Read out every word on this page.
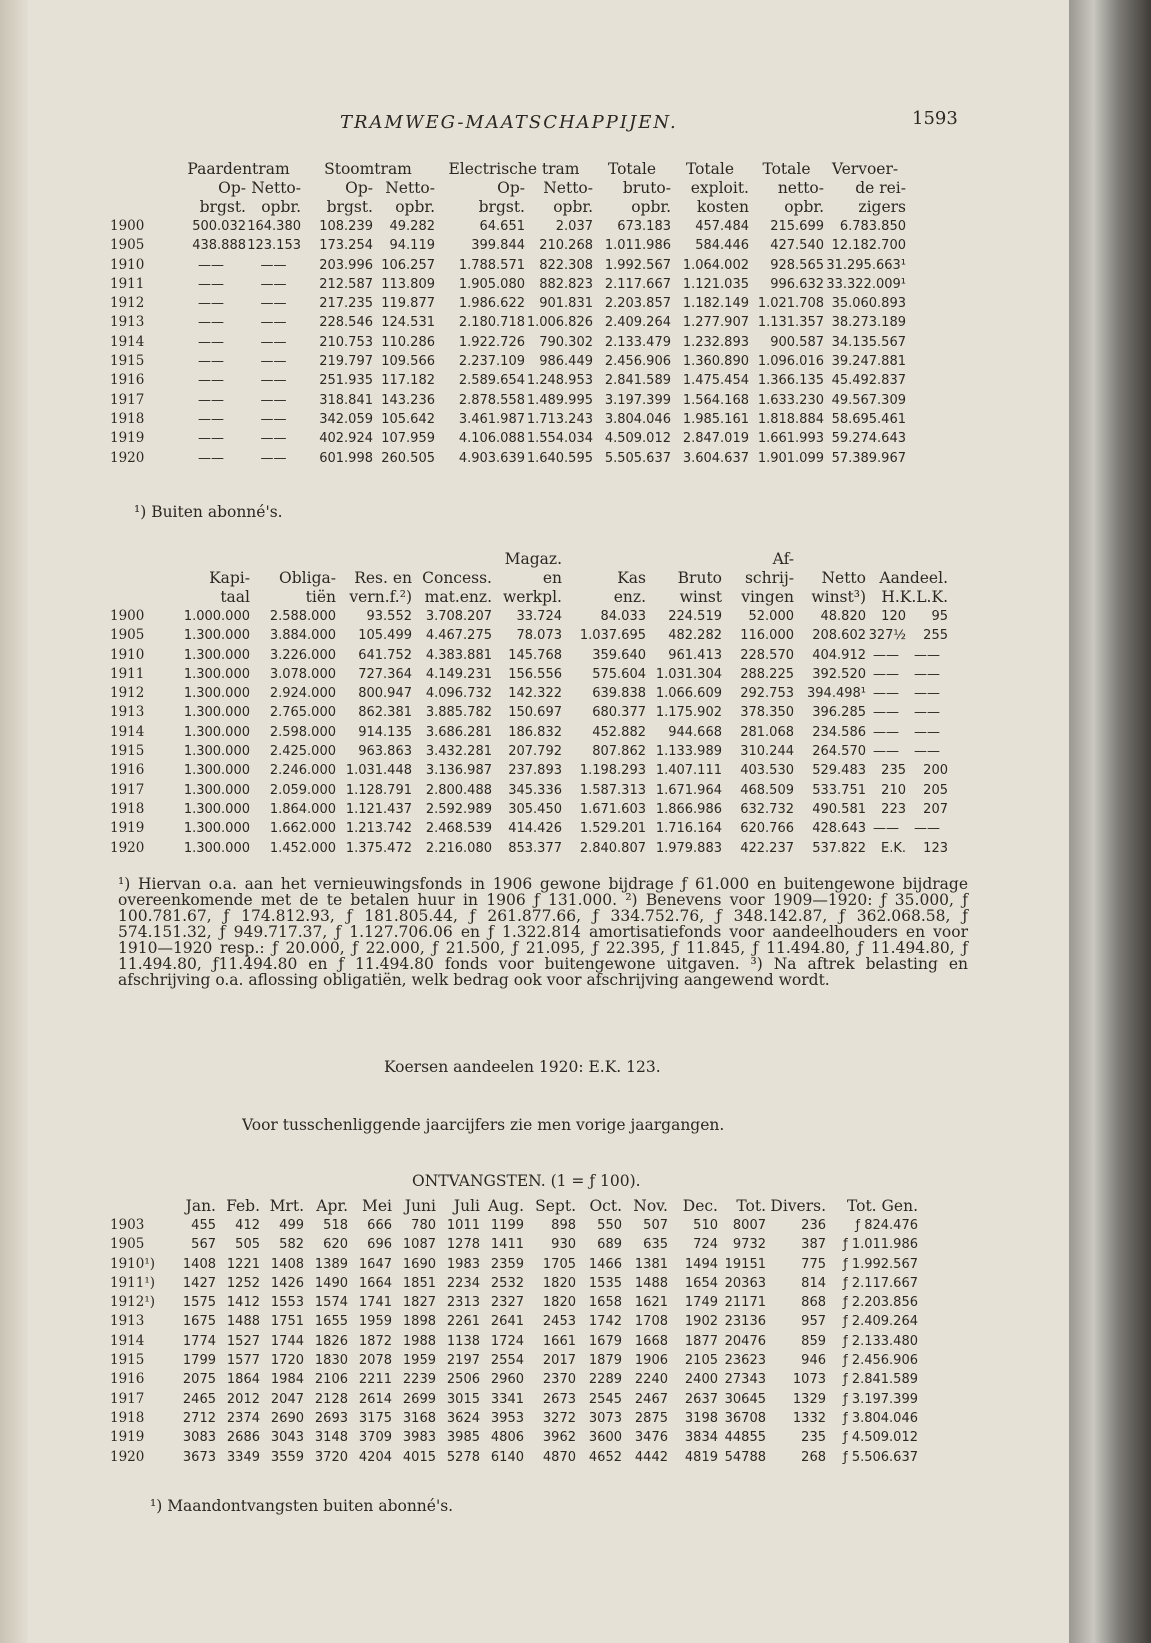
TRAMWEG-MAATSCHAPPIJEN.	1593
	Paardentram		Stoomtram		Electrische tram		Totale	Totale	Totale	Vervoer-
	Op-	Netto-	Op-	Netto-	Op-	Netto-	bruto-	exploit.	netto-	de rei-
	brgst.	opbr.	brgst.	opbr.	brgst.	opbr.	opbr.	kosten	opbr.	zigers
1900	500.032	164.380	108.239	49.282	64.651	2.037	673.183	457.484	215.699	6.783.850
1905	438.888	123.153	173.254	94.119	399.844	210.268	1.011.986	584.446	427.540	12.182.700
1910	——	——	203.996	106.257	1.788.571	822.308	1.992.567	1.064.002	928.565	31.295.663¹
1911	——	——	212.587	113.809	1.905.080	882.823	2.117.667	1.121.035	996.632	33.322.009¹
1912	——	——	217.235	119.877	1.986.622	901.831	2.203.857	1.182.149	1.021.708	35.060.893
1913	——	——	228.546	124.531	2.180.718	1.006.826	2.409.264	1.277.907	1.131.357	38.273.189
1914	——	——	210.753	110.286	1.922.726	790.302	2.133.479	1.232.893	900.587	34.135.567
1915	——	——	219.797	109.566	2.237.109	986.449	2.456.906	1.360.890	1.096.016	39.247.881
1916	——	——	251.935	117.182	2.589.654	1.248.953	2.841.589	1.475.454	1.366.135	45.492.837
1917	——	——	318.841	143.236	2.878.558	1.489.995	3.197.399	1.564.168	1.633.230	49.567.309
1918	——	——	342.059	105.642	3.461.987	1.713.243	3.804.046	1.985.161	1.818.884	58.695.461
1919	——	——	402.924	107.959	4.106.088	1.554.034	4.509.012	2.847.019	1.661.993	59.274.643
1920	——	——	601.998	260.505	4.903.639	1.640.595	5.505.637	3.604.637	1.901.099	57.389.967
¹) Buiten abonné's.
					Magaz.			Af-			
	Kapi-	Obliga-	Res. en	Concess.	en	Kas	Bruto	schrij-	Netto	Aandeel.	
	taal	tiën	vern.f.²)	mat.enz.	werkpl.	enz.	winst	vingen	winst³)	H.K.L.K.	
1900	1.000.000	2.588.000	93.552	3.708.207	33.724	84.033	224.519	52.000	48.820	120	95
1905	1.300.000	3.884.000	105.499	4.467.275	78.073	1.037.695	482.282	116.000	208.602	327½	255
1910	1.300.000	3.226.000	641.752	4.383.881	145.768	359.640	961.413	228.570	404.912	——	——
1911	1.300.000	3.078.000	727.364	4.149.231	156.556	575.604	1.031.304	288.225	392.520	——	——
1912	1.300.000	2.924.000	800.947	4.096.732	142.322	639.838	1.066.609	292.753	394.498¹	——	——
1913	1.300.000	2.765.000	862.381	3.885.782	150.697	680.377	1.175.902	378.350	396.285	——	——
1914	1.300.000	2.598.000	914.135	3.686.281	186.832	452.882	944.668	281.068	234.586	——	——
1915	1.300.000	2.425.000	963.863	3.432.281	207.792	807.862	1.133.989	310.244	264.570	——	——
1916	1.300.000	2.246.000	1.031.448	3.136.987	237.893	1.198.293	1.407.111	403.530	529.483	235	200
1917	1.300.000	2.059.000	1.128.791	2.800.488	345.336	1.587.313	1.671.964	468.509	533.751	210	205
1918	1.300.000	1.864.000	1.121.437	2.592.989	305.450	1.671.603	1.866.986	632.732	490.581	223	207
1919	1.300.000	1.662.000	1.213.742	2.468.539	414.426	1.529.201	1.716.164	620.766	428.643	——	——
1920	1.300.000	1.452.000	1.375.472	2.216.080	853.377	2.840.807	1.979.883	422.237	537.822	E.K.	123
¹) Hiervan o.a. aan het vernieuwingsfonds in 1906 gewone bijdrage ƒ 61.000 en buitengewone bijdrage overeenkomende met de te betalen huur in 1906 ƒ 131.000. ²) Benevens voor 1909—1920: ƒ 35.000, ƒ 100.781.67, ƒ 174.812.93, ƒ 181.805.44, ƒ 261.877.66, ƒ 334.752.76, ƒ 348.142.87, ƒ 362.068.58, ƒ 574.151.32, ƒ 949.717.37, ƒ 1.127.706.06 en ƒ 1.322.814 amortisatiefonds voor aandeelhouders en voor 1910—1920 resp.: ƒ 20.000, ƒ 22.000, ƒ 21.500, ƒ 21.095, ƒ 22.395, ƒ 11.845, ƒ 11.494.80, ƒ 11.494.80, ƒ 11.494.80, ƒ11.494.80 en ƒ 11.494.80 fonds voor buitengewone uitgaven. ³) Na aftrek belasting en afschrijving o.a. aflossing obligatiën, welk bedrag ook voor afschrijving aangewend wordt.
Koersen aandeelen 1920: E.K. 123.
Voor tusschenliggende jaarcijfers zie men vorige jaargangen.
ONTVANGSTEN. (1 = ƒ 100).
	Jan.	Feb.	Mrt.	Apr.	Mei	Juni	Juli	Aug.	Sept.	Oct.	Nov.	Dec.	Tot.	Divers.	Tot. Gen.
1903	455	412	499	518	666	780	1011	1199	898	550	507	510	8007	236	ƒ 824.476
1905	567	505	582	620	696	1087	1278	1411	930	689	635	724	9732	387	ƒ 1.011.986
1910¹)	1408	1221	1408	1389	1647	1690	1983	2359	1705	1466	1381	1494	19151	775	ƒ 1.992.567
1911¹)	1427	1252	1426	1490	1664	1851	2234	2532	1820	1535	1488	1654	20363	814	ƒ 2.117.667
1912¹)	1575	1412	1553	1574	1741	1827	2313	2327	1820	1658	1621	1749	21171	868	ƒ 2.203.856
1913	1675	1488	1751	1655	1959	1898	2261	2641	2453	1742	1708	1902	23136	957	ƒ 2.409.264
1914	1774	1527	1744	1826	1872	1988	1138	1724	1661	1679	1668	1877	20476	859	ƒ 2.133.480
1915	1799	1577	1720	1830	2078	1959	2197	2554	2017	1879	1906	2105	23623	946	ƒ 2.456.906
1916	2075	1864	1984	2106	2211	2239	2506	2960	2370	2289	2240	2400	27343	1073	ƒ 2.841.589
1917	2465	2012	2047	2128	2614	2699	3015	3341	2673	2545	2467	2637	30645	1329	ƒ 3.197.399
1918	2712	2374	2690	2693	3175	3168	3624	3953	3272	3073	2875	3198	36708	1332	ƒ 3.804.046
1919	3083	2686	3043	3148	3709	3983	3985	4806	3962	3600	3476	3834	44855	235	ƒ 4.509.012
1920	3673	3349	3559	3720	4204	4015	5278	6140	4870	4652	4442	4819	54788	268	ƒ 5.506.637
¹) Maandontvangsten buiten abonné's.
